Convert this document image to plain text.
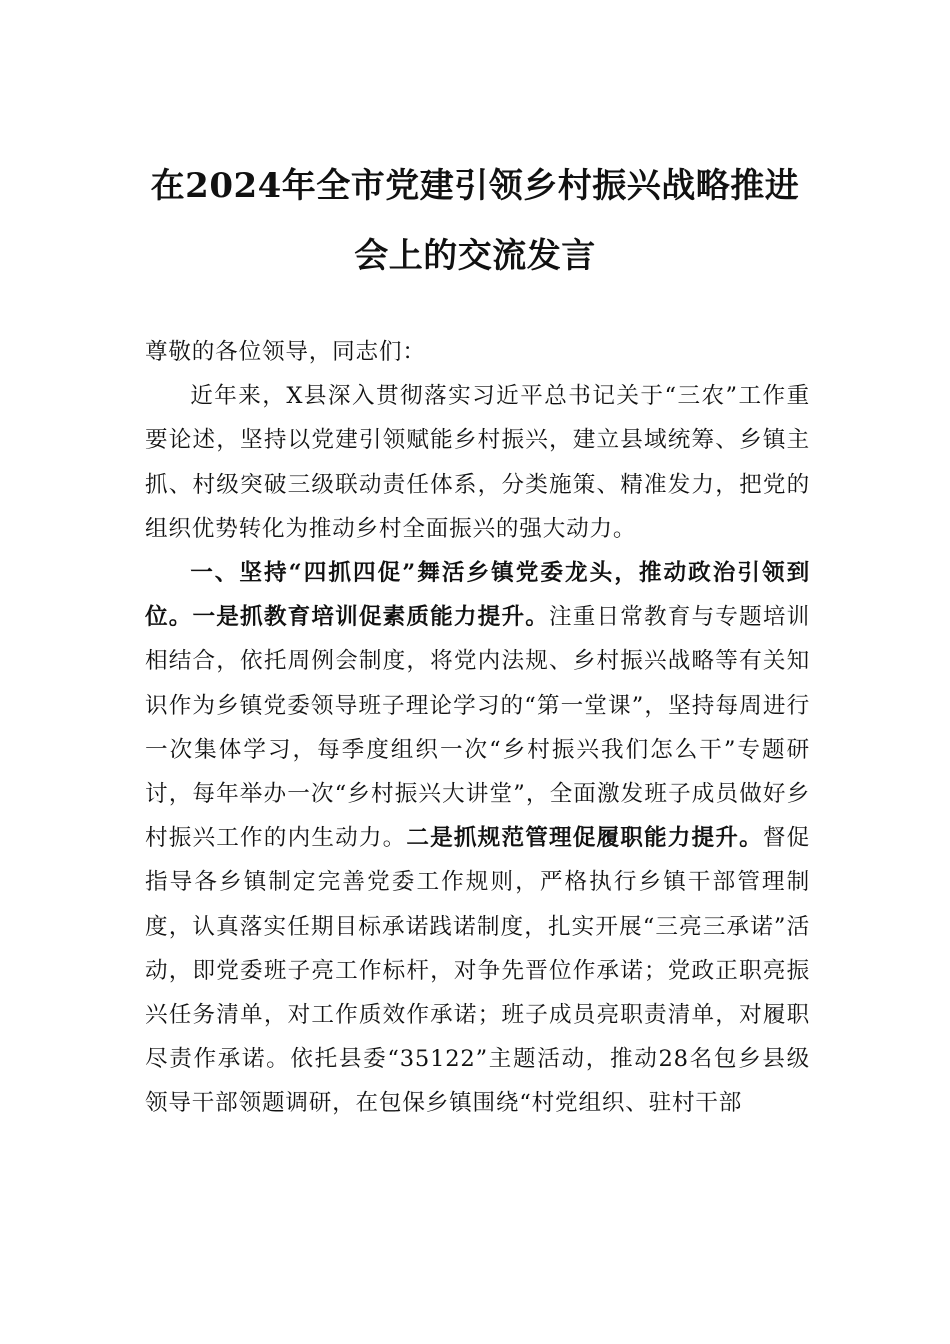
在2024年全市党建引领乡村振兴战略推进
会上的交流发言

尊敬的各位领导，同志们：

近年来，X县深入贯彻落实习近平总书记关于“三农”工作重要论述，坚持以党建引领赋能乡村振兴，建立县域统筹、乡镇主抓、村级突破三级联动责任体系，分类施策、精准发力，把党的组织优势转化为推动乡村全面振兴的强大动力。

一、坚持“四抓四促”舞活乡镇党委龙头，推动政治引领到位。一是抓教育培训促素质能力提升。注重日常教育与专题培训相结合，依托周例会制度，将党内法规、乡村振兴战略等有关知识作为乡镇党委领导班子理论学习的“第一堂课”，坚持每周进行一次集体学习，每季度组织一次“乡村振兴我们怎么干”专题研讨，每年举办一次“乡村振兴大讲堂”，全面激发班子成员做好乡村振兴工作的内生动力。二是抓规范管理促履职能力提升。督促指导各乡镇制定完善党委工作规则，严格执行乡镇干部管理制度，认真落实任期目标承诺践诺制度，扎实开展“三亮三承诺”活动，即党委班子亮工作标杆，对争先晋位作承诺；党政正职亮振兴任务清单，对工作质效作承诺；班子成员亮职责清单，对履职尽责作承诺。依托县委“35122”主题活动，推动28名包乡县级领导干部领题调研，在包保乡镇围绕“村党组织、驻村干部
